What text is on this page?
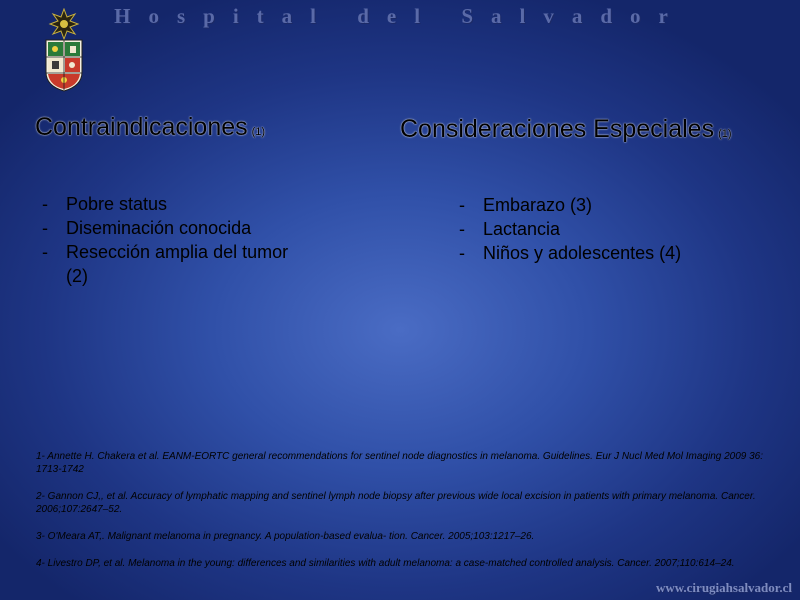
Hospital del Salvador
Contraindicaciones (1)
- Pobre status
- Diseminación conocida
- Resección amplia del tumor (2)
Consideraciones Especiales (1)
- Embarazo (3)
- Lactancia
- Niños y adolescentes (4)

1- Annette H. Chakera et al. EANM-EORTC general recommendations for sentinel node diagnostics in melanoma. Guidelines. Eur J Nucl Med Mol Imaging 2009 36: 1713-1742

2- Gannon CJ,, et al. Accuracy of lymphatic mapping and sentinel lymph node biopsy after previous wide local excision in patients with primary melanoma. Cancer. 2006;107:2647–52.

3- O'Meara AT,. Malignant melanoma in pregnancy. A population-based evalua- tion. Cancer. 2005;103:1217–26.

4- Livestro DP, et al. Melanoma in the young: differences and similarities with adult melanoma: a case-matched controlled analysis. Cancer. 2007;110:614–24.

www.cirugiahsalvador.cl
